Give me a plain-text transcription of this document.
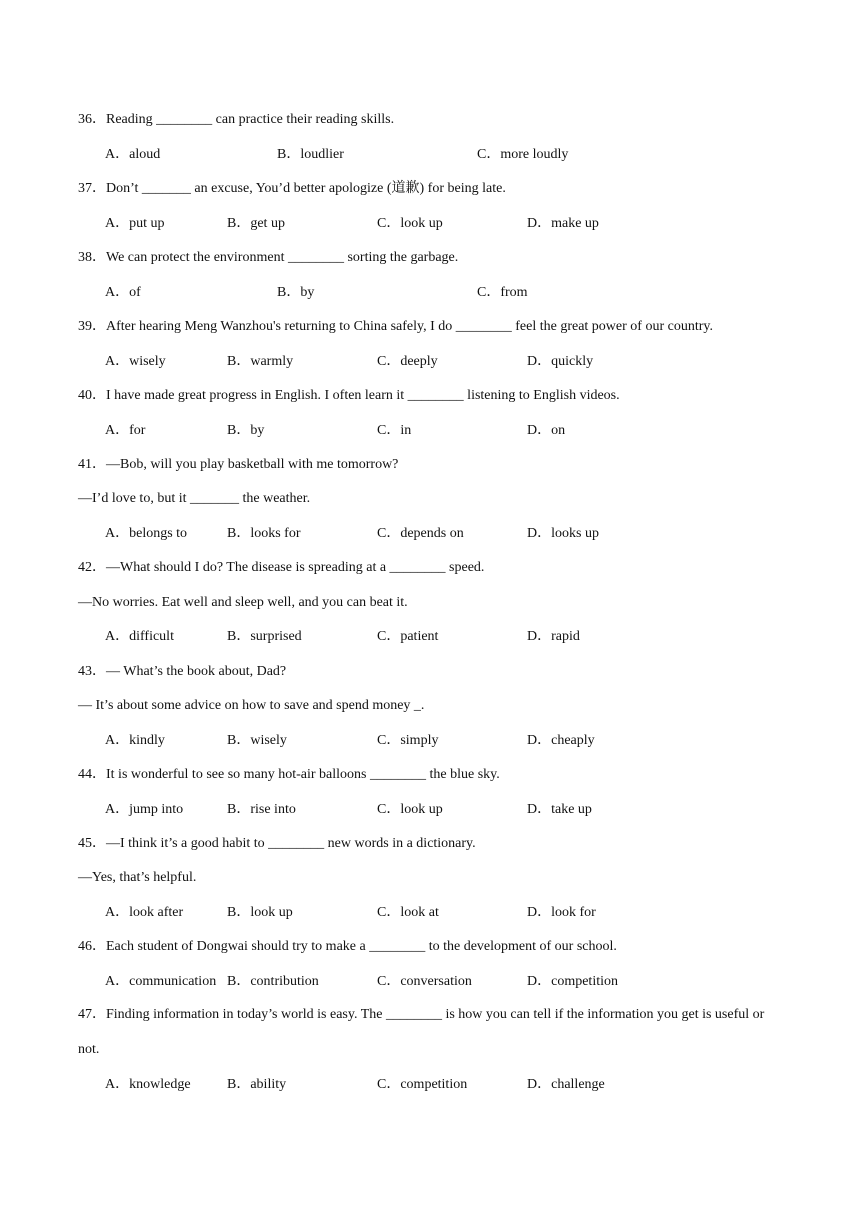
36．Reading ________ can practice their reading skills.
A．aloud	B．loudlier	C．more loudly
37．Don’t _______ an excuse, You’d better apologize (道歉) for being late.
A．put up	B．get up	C．look up	D．make up
38．We can protect the environment ________ sorting the garbage.
A．of	B．by	C．from
39．After hearing Meng Wanzhou's returning to China safely, I do ________ feel the great power of our country.
A．wisely	B．warmly	C．deeply	D．quickly
40．I have made great progress in English. I often learn it ________ listening to English videos.
A．for	B．by	C．in	D．on
41．—Bob, will you play basketball with me tomorrow?
—I’d love to, but it _______ the weather.
A．belongs to	B．looks for	C．depends on	D．looks up
42．—What should I do? The disease is spreading at a ________ speed.
—No worries. Eat well and sleep well, and you can beat it.
A．difficult	B．surprised	C．patient	D．rapid
43．— What’s the book about, Dad?
— It’s about some advice on how to save and spend money _.
A．kindly	B．wisely	C．simply	D．cheaply
44．It is wonderful to see so many hot-air balloons ________ the blue sky.
A．jump into	B．rise into	C．look up	D．take up
45．—I think it’s a good habit to ________ new words in a dictionary.
—Yes, that’s helpful.
A．look after	B．look up	C．look at	D．look for
46．Each student of Dongwai should try to make a ________ to the development of our school.
A．communication B．contribution	C．conversation	D．competition
47．Finding information in today’s world is easy. The ________ is how you can tell if the information you get is useful or not.
A．knowledge	B．ability	C．competition	D．challenge
